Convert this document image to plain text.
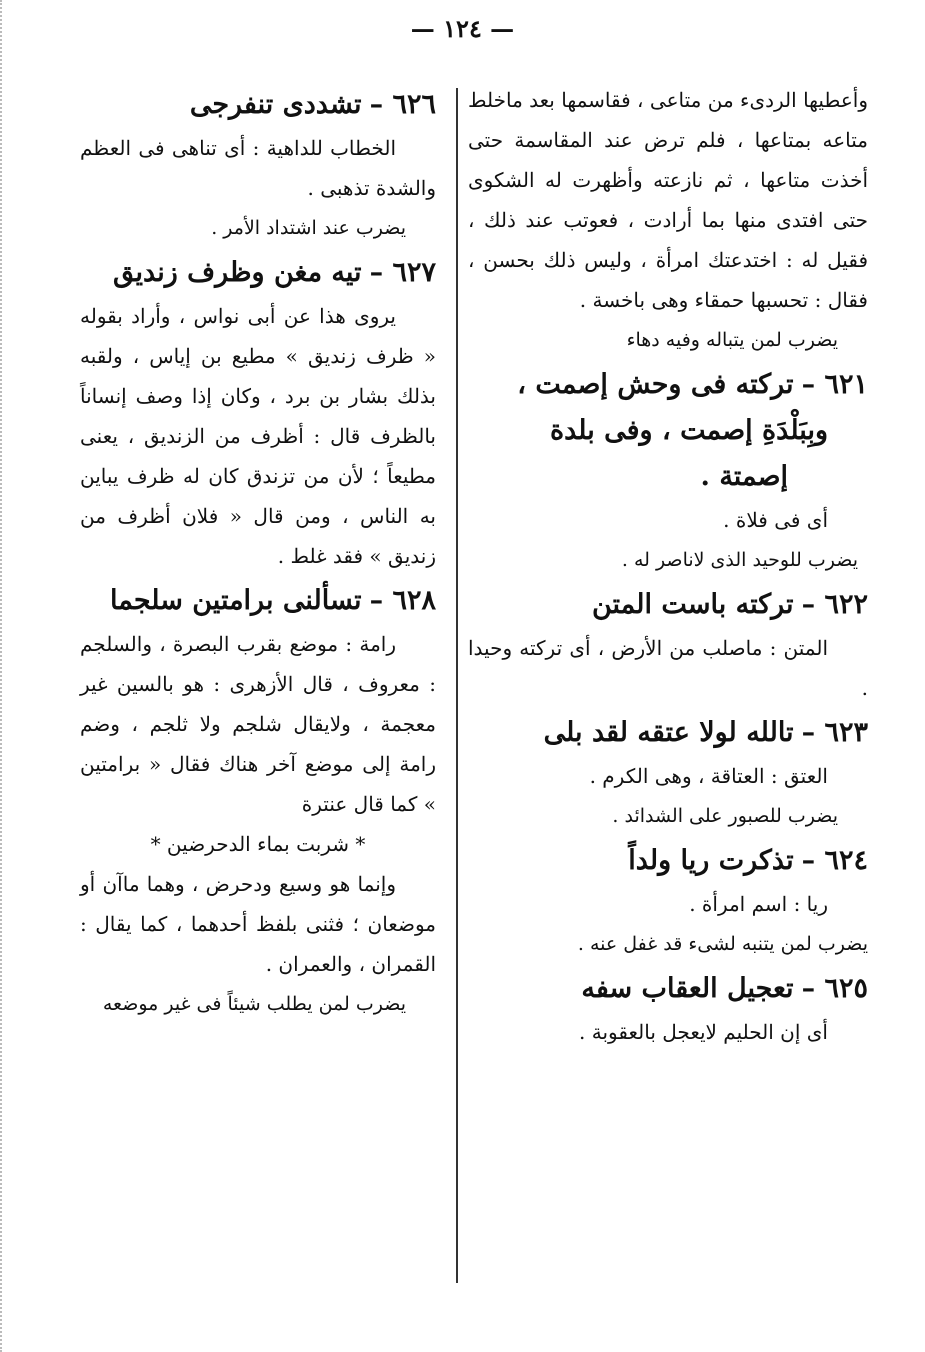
— ١٢٤ —

وأعطيها الردىء من متاعى ، فقاسمها بعد ماخلط متاعه بمتاعها ، فلم ترض عند المقاسمة حتى أخذت متاعها ، ثم نازعته وأظهرت له الشكوى حتى افتدى منها بما أرادت ، فعوتب عند ذلك ، فقيل له : اختدعتك امرأة ، وليس ذلك بحسن ، فقال : تحسبها حمقاء وهى باخسة .

يضرب لمن يتباله وفيه دهاء

٦٢١ –تركته فى وحش إصمت ،

وبِبَلْدَةِ إصمت ، وفى بلدة

إصمتة .

أى فى فلاة .

يضرب للوحيد الذى لاناصر له .

٦٢٢ –تركته باست المتن

المتن : ماصلب من الأرض ، أى تركته وحيدا .

٦٢٣ –تالله لولا عتقه لقد بلى

العتق : العتاقة ، وهى الكرم .

يضرب للصبور على الشدائد .

٦٢٤ –تذكرت ريا ولداً

ريا : اسم امرأة .

يضرب لمن يتنبه لشىء قد غفل عنه .

٦٢٥ –تعجيل العقاب سفه

أى إن الحليم لايعجل بالعقوبة .

٦٢٦ –تشددى تنفرجى

الخطاب للداهية : أى تناهى فى العظم والشدة تذهبى .

يضرب عند اشتداد الأمر .

٦٢٧ –تيه مغن وظرف زنديق

يروى هذا عن أبى نواس ، وأراد بقوله « ظرف زنديق » مطيع بن إياس ، ولقبه بذلك بشار بن برد ، وكان إذا وصف إنساناً بالظرف قال : أظرف من الزنديق ، يعنى مطيعاً ؛ لأن من تزندق كان له ظرف يباين به الناس ، ومن قال « فلان أظرف من زنديق » فقد غلط .

٦٢٨ –تسألنى برامتين سلجما

رامة : موضع بقرب البصرة ، والسلجم : معروف ، قال الأزهرى : هو بالسين غير معجمة ، ولايقال شلجم ولا ثلجم ، وضم رامة إلى موضع آخر هناك فقال « برامتين » كما قال عنترة

* شربت بماء الدحرضين *

وإنما هو وسيع ودحرض ، وهما ماآن أو موضعان ؛ فثنى بلفظ أحدهما ، كما يقال : القمران ، والعمران .

يضرب لمن يطلب شيئاً فى غير موضعه
